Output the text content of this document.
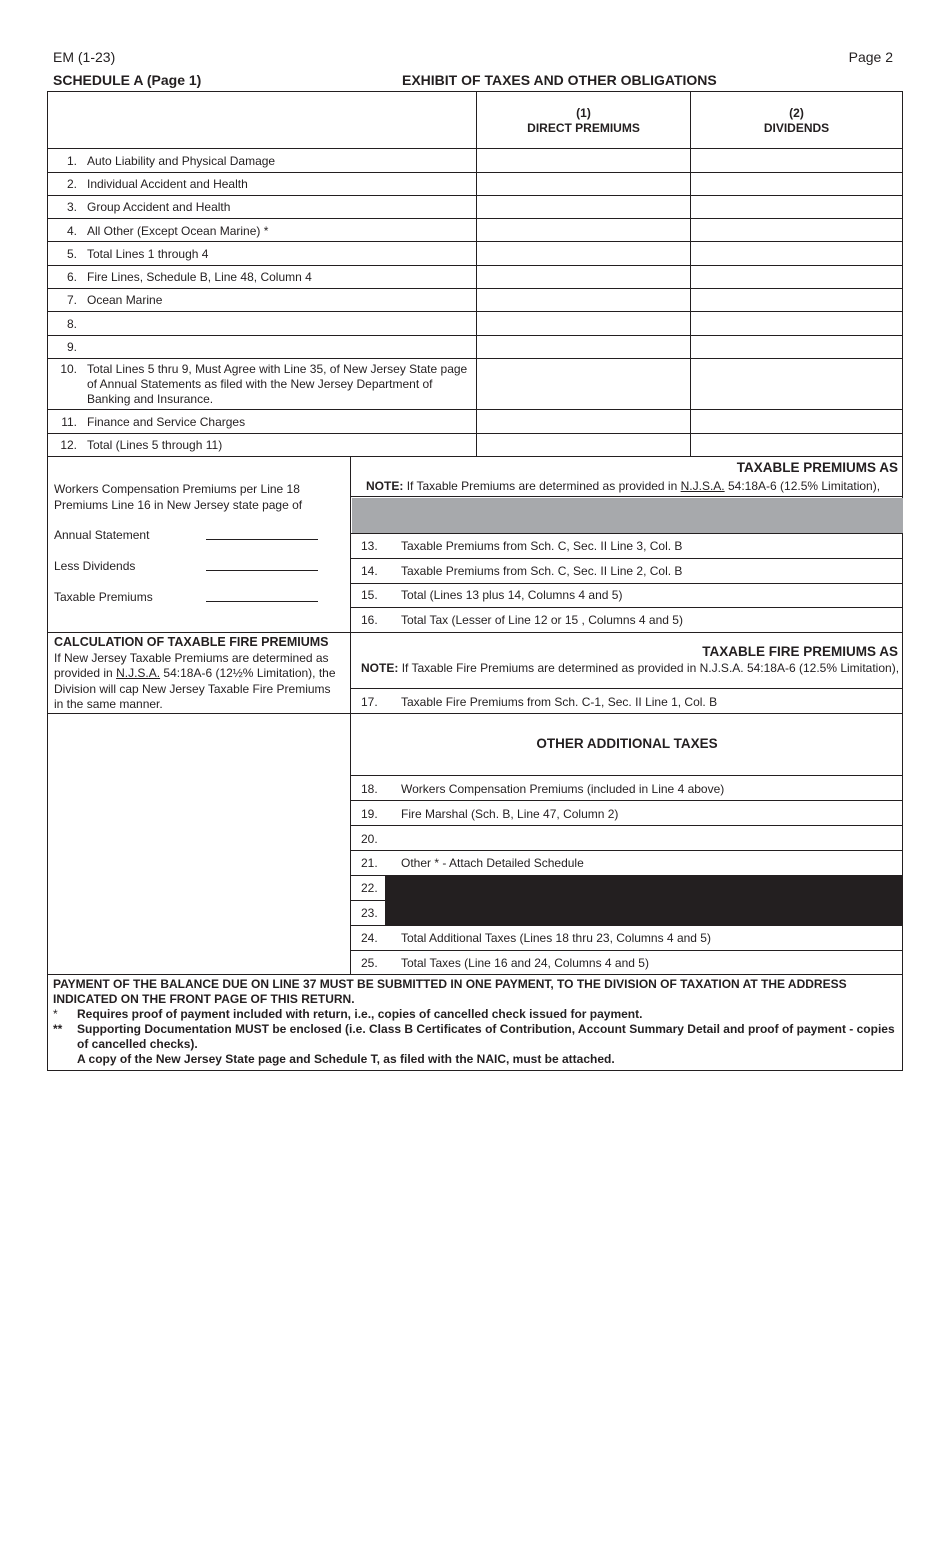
EM (1-23)	Page 2
SCHEDULE A (Page 1)	EXHIBIT OF TAXES AND OTHER OBLIGATIONS
(1)
DIRECT PREMIUMS
(2)
DIVIDENDS
1. Auto Liability and Physical Damage
2. Individual Accident and Health
3. Group Accident and Health
4. All Other (Except Ocean Marine) *
5. Total Lines 1 through 4
6. Fire Lines, Schedule B, Line 48, Column 4
7. Ocean Marine
8.
9.
10. Total Lines 5 thru 9, Must Agree with Line 35, of New Jersey State page of Annual Statements as filed with the New Jersey Department of Banking and Insurance.
11. Finance and Service Charges
12. Total (Lines 5 through 11)
Workers Compensation Premiums per Line 18 Premiums Line 16 in New Jersey state page of
Annual Statement
Less Dividends
Taxable Premiums
TAXABLE PREMIUMS AS
NOTE: If Taxable Premiums are determined as provided in N.J.S.A. 54:18A-6 (12.5% Limitation),
13. Taxable Premiums from Sch. C, Sec. II Line 3, Col. B
14. Taxable Premiums from Sch. C, Sec. II Line 2, Col. B
15. Total (Lines 13 plus 14, Columns 4 and 5)
16. Total Tax (Lesser of Line 12 or 15 , Columns 4 and 5)
CALCULATION OF TAXABLE FIRE PREMIUMS
If New Jersey Taxable Premiums are determined as
provided in N.J.S.A. 54:18A-6 (12½% Limitation), the
Division will cap New Jersey Taxable Fire Premiums
in the same manner.
TAXABLE FIRE PREMIUMS AS
NOTE: If Taxable Fire Premiums are determined as provided in N.J.S.A. 54:18A-6 (12.5% Limitation),
17. Taxable Fire Premiums from Sch. C-1, Sec. II Line 1, Col. B
OTHER ADDITIONAL TAXES
18. Workers Compensation Premiums (included in Line 4 above)
19. Fire Marshal (Sch. B, Line 47, Column 2)
20.
21. Other * - Attach Detailed Schedule
22.
23.
24. Total Additional Taxes (Lines 18 thru 23, Columns 4 and 5)
25. Total Taxes (Line 16 and 24, Columns 4 and 5)
PAYMENT OF THE BALANCE DUE ON LINE 37 MUST BE SUBMITTED IN ONE PAYMENT, TO THE DIVISION OF TAXATION AT THE ADDRESS INDICATED ON THE FRONT PAGE OF THIS RETURN.
*	Requires proof of payment included with return, i.e., copies of cancelled check issued for payment.
**	Supporting Documentation MUST be enclosed (i.e. Class B Certificates of Contribution, Account Summary Detail and proof of payment - copies of cancelled checks).
A copy of the New Jersey State page and Schedule T, as filed with the NAIC, must be attached.
